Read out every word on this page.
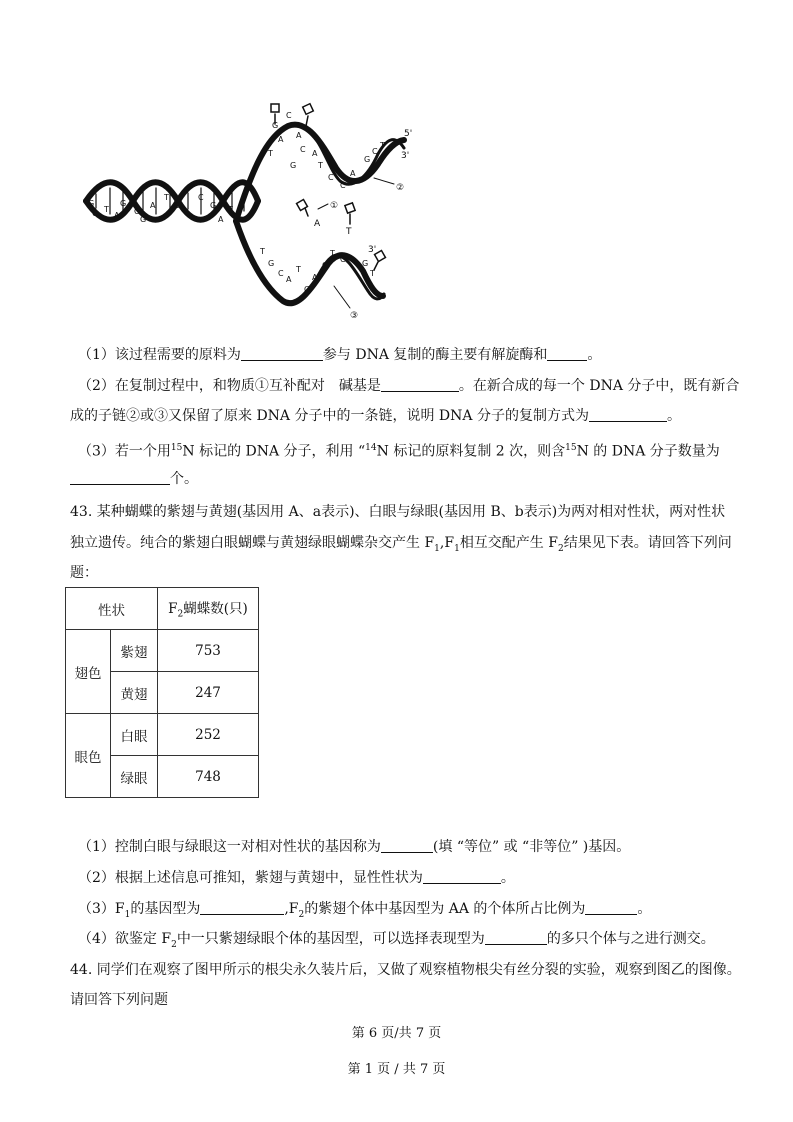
A
T
①
②
③
5'
3'
3'
G
C
A
T
A
C
G
A
T
C
G
C
T
A
C
T
G
C
A
T
G
A
C
T
C G
T
G
C T
A
G
C
G
A
T
C
C
G
A
T
（1）该过程需要的原料为	参与 DNA 复制的酶主要有解旋酶和	。
（2）在复制过程中，和物质①互补配对　碱基是	。在新合成的每一个 DNA 分子中，既有新合
成的子链②或③又保留了原来 DNA 分子中的一条链，说明 DNA 分子的复制方式为	。
（3）若一个用$^{15}$N 标记的 DNA 分子，利用 “$^{14}$N 标记的原料复制 2 次，则含$^{15}$N 的 DNA 分子数量为
个。
43. 某种蝴蝶的紫翅与黄翅(基因用 A、a表示)、白眼与绿眼(基因用 B、b表示)为两对相对性状，两对性状
独立遗传。纯合的紫翅白眼蝴蝶与黄翅绿眼蝴蝶杂交产生 $F_1,F_1$相互交配产生 $F_2$结果见下表。请回答下列问
题：
性状		$F_2$蝴蝶数(只)
翅色	紫翅	753
	黄翅	247
眼色	白眼	252
	绿眼	748
（1）控制白眼与绿眼这一对相对性状的基因称为	(填 “等位” 或 “非等位” )基因。
（2）根据上述信息可推知，紫翅与黄翅中，显性性状为	。
$(3)F_1$的基因型为	$,F_2$的紫翅个体中基因型为 AA 的个体所占比例为	。
（4）欲鉴定 $F_2$中一只紫翅绿眼个体的基因型，可以选择表现型为	的多只个体与之进行测交。
44. 同学们在观察了图甲所示的根尖永久装片后，又做了观察植物根尖有丝分裂的实验，观察到图乙的图像。
请回答下列问题
第 6 页/共 7 页
第 1 页 / 共 7 页
